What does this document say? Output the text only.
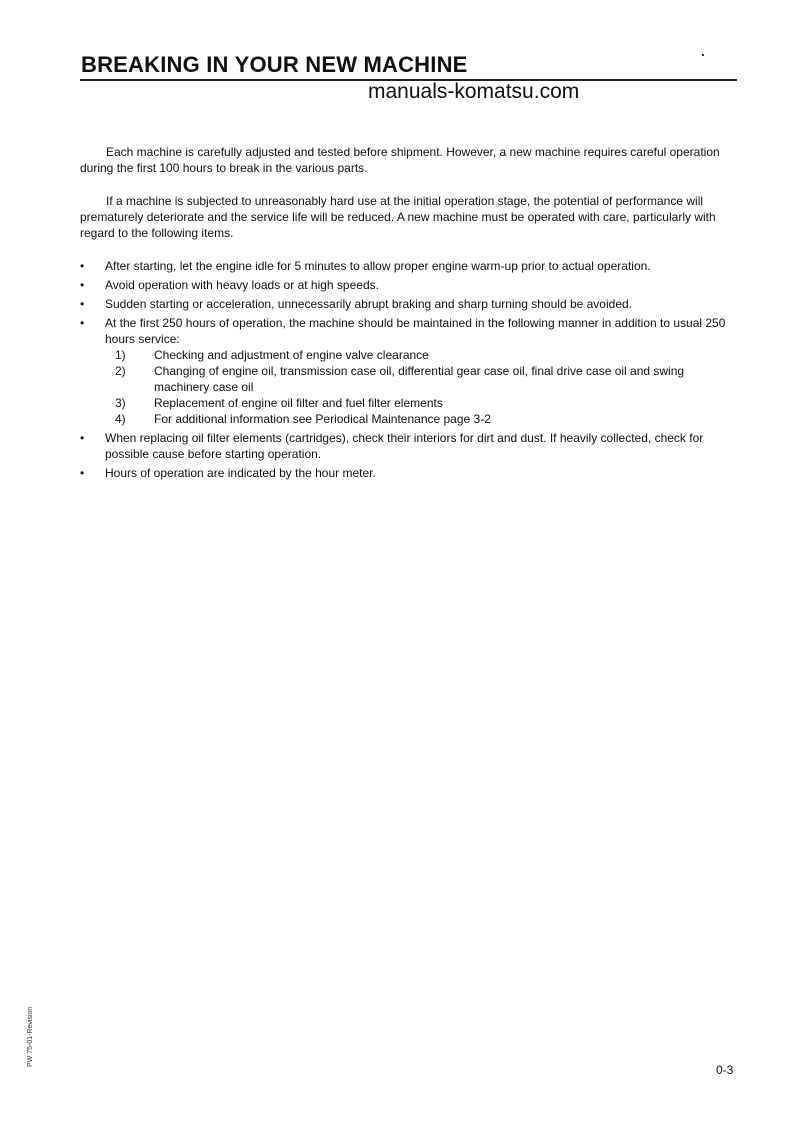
BREAKING IN YOUR NEW MACHINE
manuals-komatsu.com

Each machine is carefully adjusted and tested before shipment. However, a new machine requires careful operation during the first 100 hours to break in the various parts.

If a machine is subjected to unreasonably hard use at the initial operation stage, the potential of performance will prematurely deteriorate and the service life will be reduced. A new machine must be operated with care, particularly with regard to the following items.

•	After starting, let the engine idle for 5 minutes to allow proper engine warm-up prior to actual operation.
•	Avoid operation with heavy loads or at high speeds.
•	Sudden starting or acceleration, unnecessarily abrupt braking and sharp turning should be avoided.
•	At the first 250 hours of operation, the machine should be maintained in the following manner in addition to usual 250 hours service:
1) Checking and adjustment of engine valve clearance
2) Changing of engine oil, transmission case oil, differential gear case oil, final drive case oil and swing machinery case oil
3) Replacement of engine oil filter and fuel filter elements
4) For additional information see Periodical Maintenance page 3-2
•	When replacing oil filter elements (cartridges), check their interiors for dirt and dust. If heavily collected, check for possible cause before starting operation.
•	Hours of operation are indicated by the hour meter.
PW 75-01-Revision
0-3
